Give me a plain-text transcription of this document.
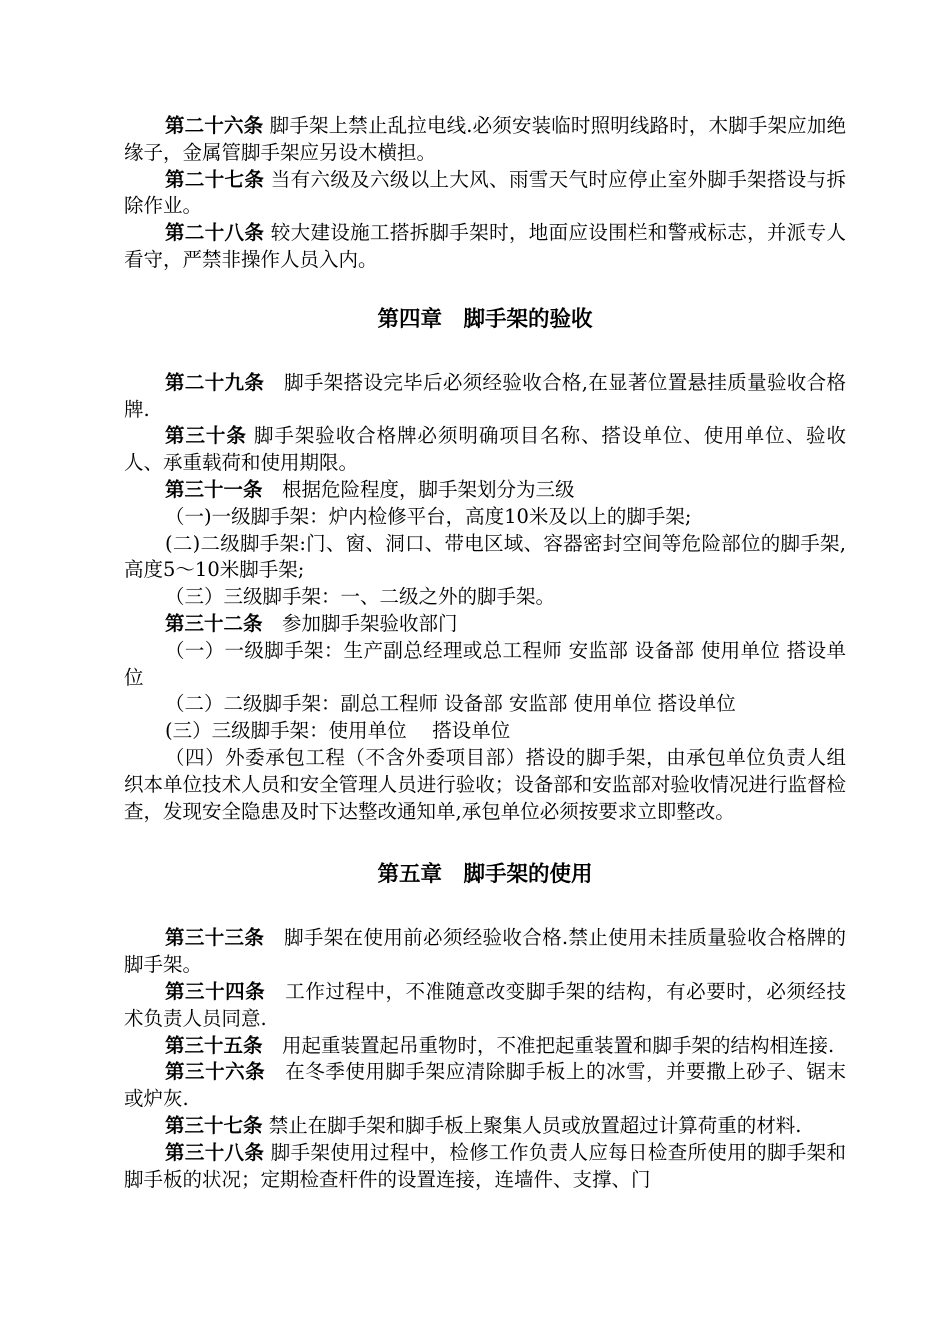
第二十六条 脚手架上禁止乱拉电线.必须安装临时照明线路时，木脚手架应加绝缘子，金属管脚手架应另设木横担。

第二十七条 当有六级及六级以上大风、雨雪天气时应停止室外脚手架搭设与拆除作业。

第二十八条 较大建设施工搭拆脚手架时，地面应设围栏和警戒标志，并派专人看守，严禁非操作人员入内。

第四章　脚手架的验收

第二十九条　脚手架搭设完毕后必须经验收合格,在显著位置悬挂质量验收合格牌.

第三十条 脚手架验收合格牌必须明确项目名称、搭设单位、使用单位、验收人、承重载荷和使用期限。

第三十一条　根据危险程度，脚手架划分为三级

（一)一级脚手架：炉内检修平台，高度10米及以上的脚手架;

(二)二级脚手架:门、窗、洞口、带电区域、容器密封空间等危险部位的脚手架,高度5～10米脚手架;

（三）三级脚手架：一、二级之外的脚手架。

第三十二条　参加脚手架验收部门

（一）一级脚手架：生产副总经理或总工程师 安监部 设备部 使用单位 搭设单位

（二）二级脚手架：副总工程师 设备部 安监部 使用单位 搭设单位

(三）三级脚手架：使用单位　 搭设单位

（四）外委承包工程（不含外委项目部）搭设的脚手架，由承包单位负责人组织本单位技术人员和安全管理人员进行验收；设备部和安监部对验收情况进行监督检查，发现安全隐患及时下达整改通知单,承包单位必须按要求立即整改。

第五章　脚手架的使用

第三十三条　脚手架在使用前必须经验收合格.禁止使用未挂质量验收合格牌的脚手架。

第三十四条　工作过程中，不准随意改变脚手架的结构，有必要时，必须经技术负责人员同意.

第三十五条　用起重装置起吊重物时，不准把起重装置和脚手架的结构相连接.

第三十六条　在冬季使用脚手架应清除脚手板上的冰雪，并要撒上砂子、锯末或炉灰.

第三十七条 禁止在脚手架和脚手板上聚集人员或放置超过计算荷重的材料.

第三十八条 脚手架使用过程中，检修工作负责人应每日检查所使用的脚手架和脚手板的状况；定期检查杆件的设置连接，连墙件、支撑、门
